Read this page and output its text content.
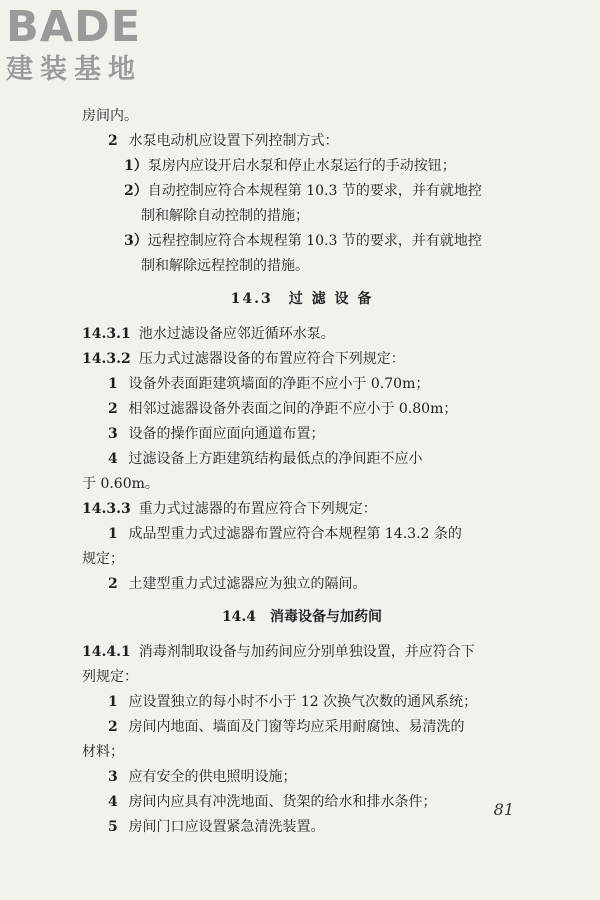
BADE
建装基地
房间内。
2 水泵电动机应设置下列控制方式：
1）泵房内应设开启水泵和停止水泵运行的手动按钮；
2）自动控制应符合本规程第 10.3 节的要求，并有就地控
制和解除自动控制的措施；
3）远程控制应符合本规程第 10.3 节的要求，并有就地控
制和解除远程控制的措施。
14.3　过 滤 设 备
14.3.1 池水过滤设备应邻近循环水泵。
14.3.2 压力式过滤器设备的布置应符合下列规定：
1 设备外表面距建筑墙面的净距不应小于 0.70m；
2 相邻过滤器设备外表面之间的净距不应小于 0.80m；
3 设备的操作面应面向通道布置；
4 过滤设备上方距建筑结构最低点的净间距不应小
于 0.60m。
14.3.3 重力式过滤器的布置应符合下列规定：
1 成品型重力式过滤器布置应符合本规程第 14.3.2 条的
规定；
2 土建型重力式过滤器应为独立的隔间。
14.4　消毒设备与加药间
14.4.1 消毒剂制取设备与加药间应分别单独设置，并应符合下
列规定：
1 应设置独立的每小时不小于 12 次换气次数的通风系统；
2 房间内地面、墙面及门窗等均应采用耐腐蚀、易清洗的
材料；
3 应有安全的供电照明设施；
4 房间内应具有冲洗地面、货架的给水和排水条件；
5 房间门口应设置紧急清洗装置。
81
